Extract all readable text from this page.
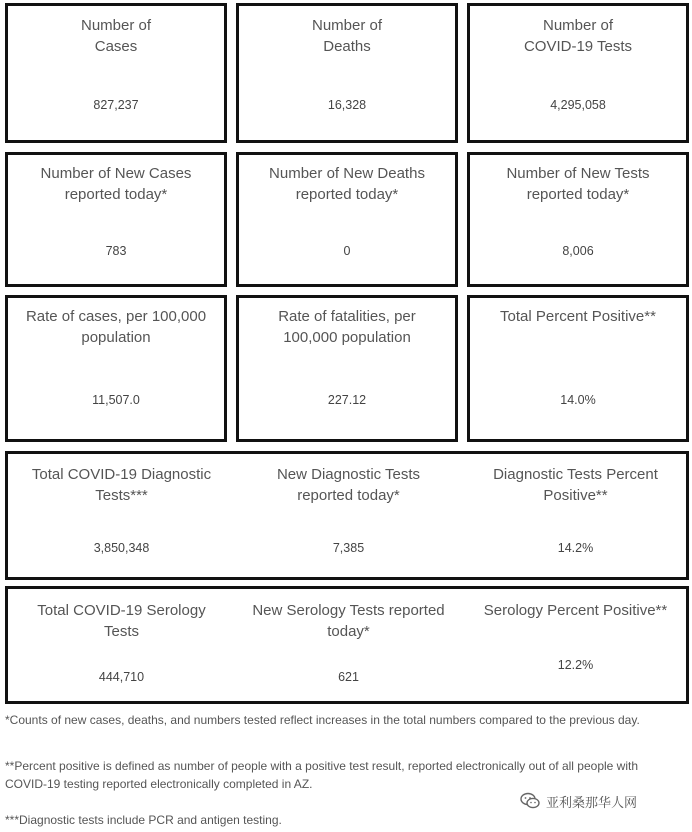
Number of
Cases
827,237
Number of
Deaths
16,328
Number of
COVID-19 Tests
4,295,058
Number of New Cases
reported today*
783
Number of New Deaths
reported today*
0
Number of New Tests
reported today*
8,006
Rate of cases, per 100,000
population
11,507.0
Rate of fatalities, per
100,000 population
227.12
Total Percent Positive**
14.0%
Total COVID-19 Diagnostic
Tests***
3,850,348
New Diagnostic Tests
reported today*
7,385
Diagnostic Tests Percent
Positive**
14.2%
Total COVID-19 Serology
Tests
444,710
New Serology Tests reported
today*
621
Serology Percent Positive**
12.2%
*Counts of new cases, deaths, and numbers tested reflect increases in the total numbers compared to the previous day.
**Percent positive is defined as number of people with a positive test result, reported electronically out of all people with COVID-19 testing reported electronically completed in AZ.
***Diagnostic tests include PCR and antigen testing.
亚利桑那华人网
